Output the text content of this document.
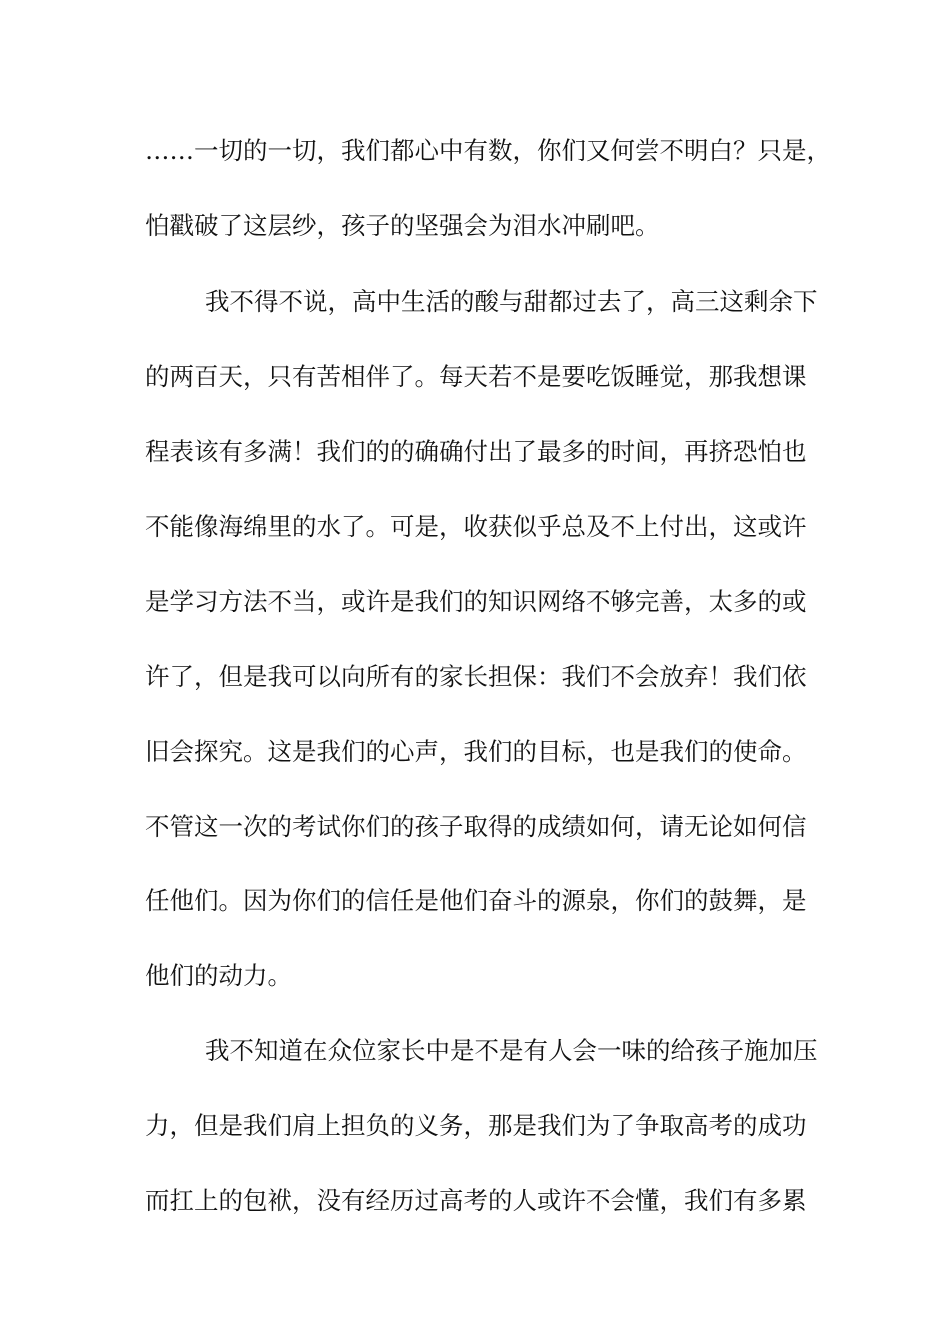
……一切的一切，我们都心中有数，你们又何尝不明白？只是，
怕戳破了这层纱，孩子的坚强会为泪水冲刷吧。
我不得不说，高中生活的酸与甜都过去了，高三这剩余下
的两百天，只有苦相伴了。每天若不是要吃饭睡觉，那我想课
程表该有多满！我们的的确确付出了最多的时间，再挤恐怕也
不能像海绵里的水了。可是，收获似乎总及不上付出，这或许
是学习方法不当，或许是我们的知识网络不够完善，太多的或
许了，但是我可以向所有的家长担保：我们不会放弃！我们依
旧会探究。这是我们的心声，我们的目标，也是我们的使命。
不管这一次的考试你们的孩子取得的成绩如何，请无论如何信
任他们。因为你们的信任是他们奋斗的源泉，你们的鼓舞，是
他们的动力。
我不知道在众位家长中是不是有人会一味的给孩子施加压
力，但是我们肩上担负的义务，那是我们为了争取高考的成功
而扛上的包袱，没有经历过高考的人或许不会懂，我们有多累
